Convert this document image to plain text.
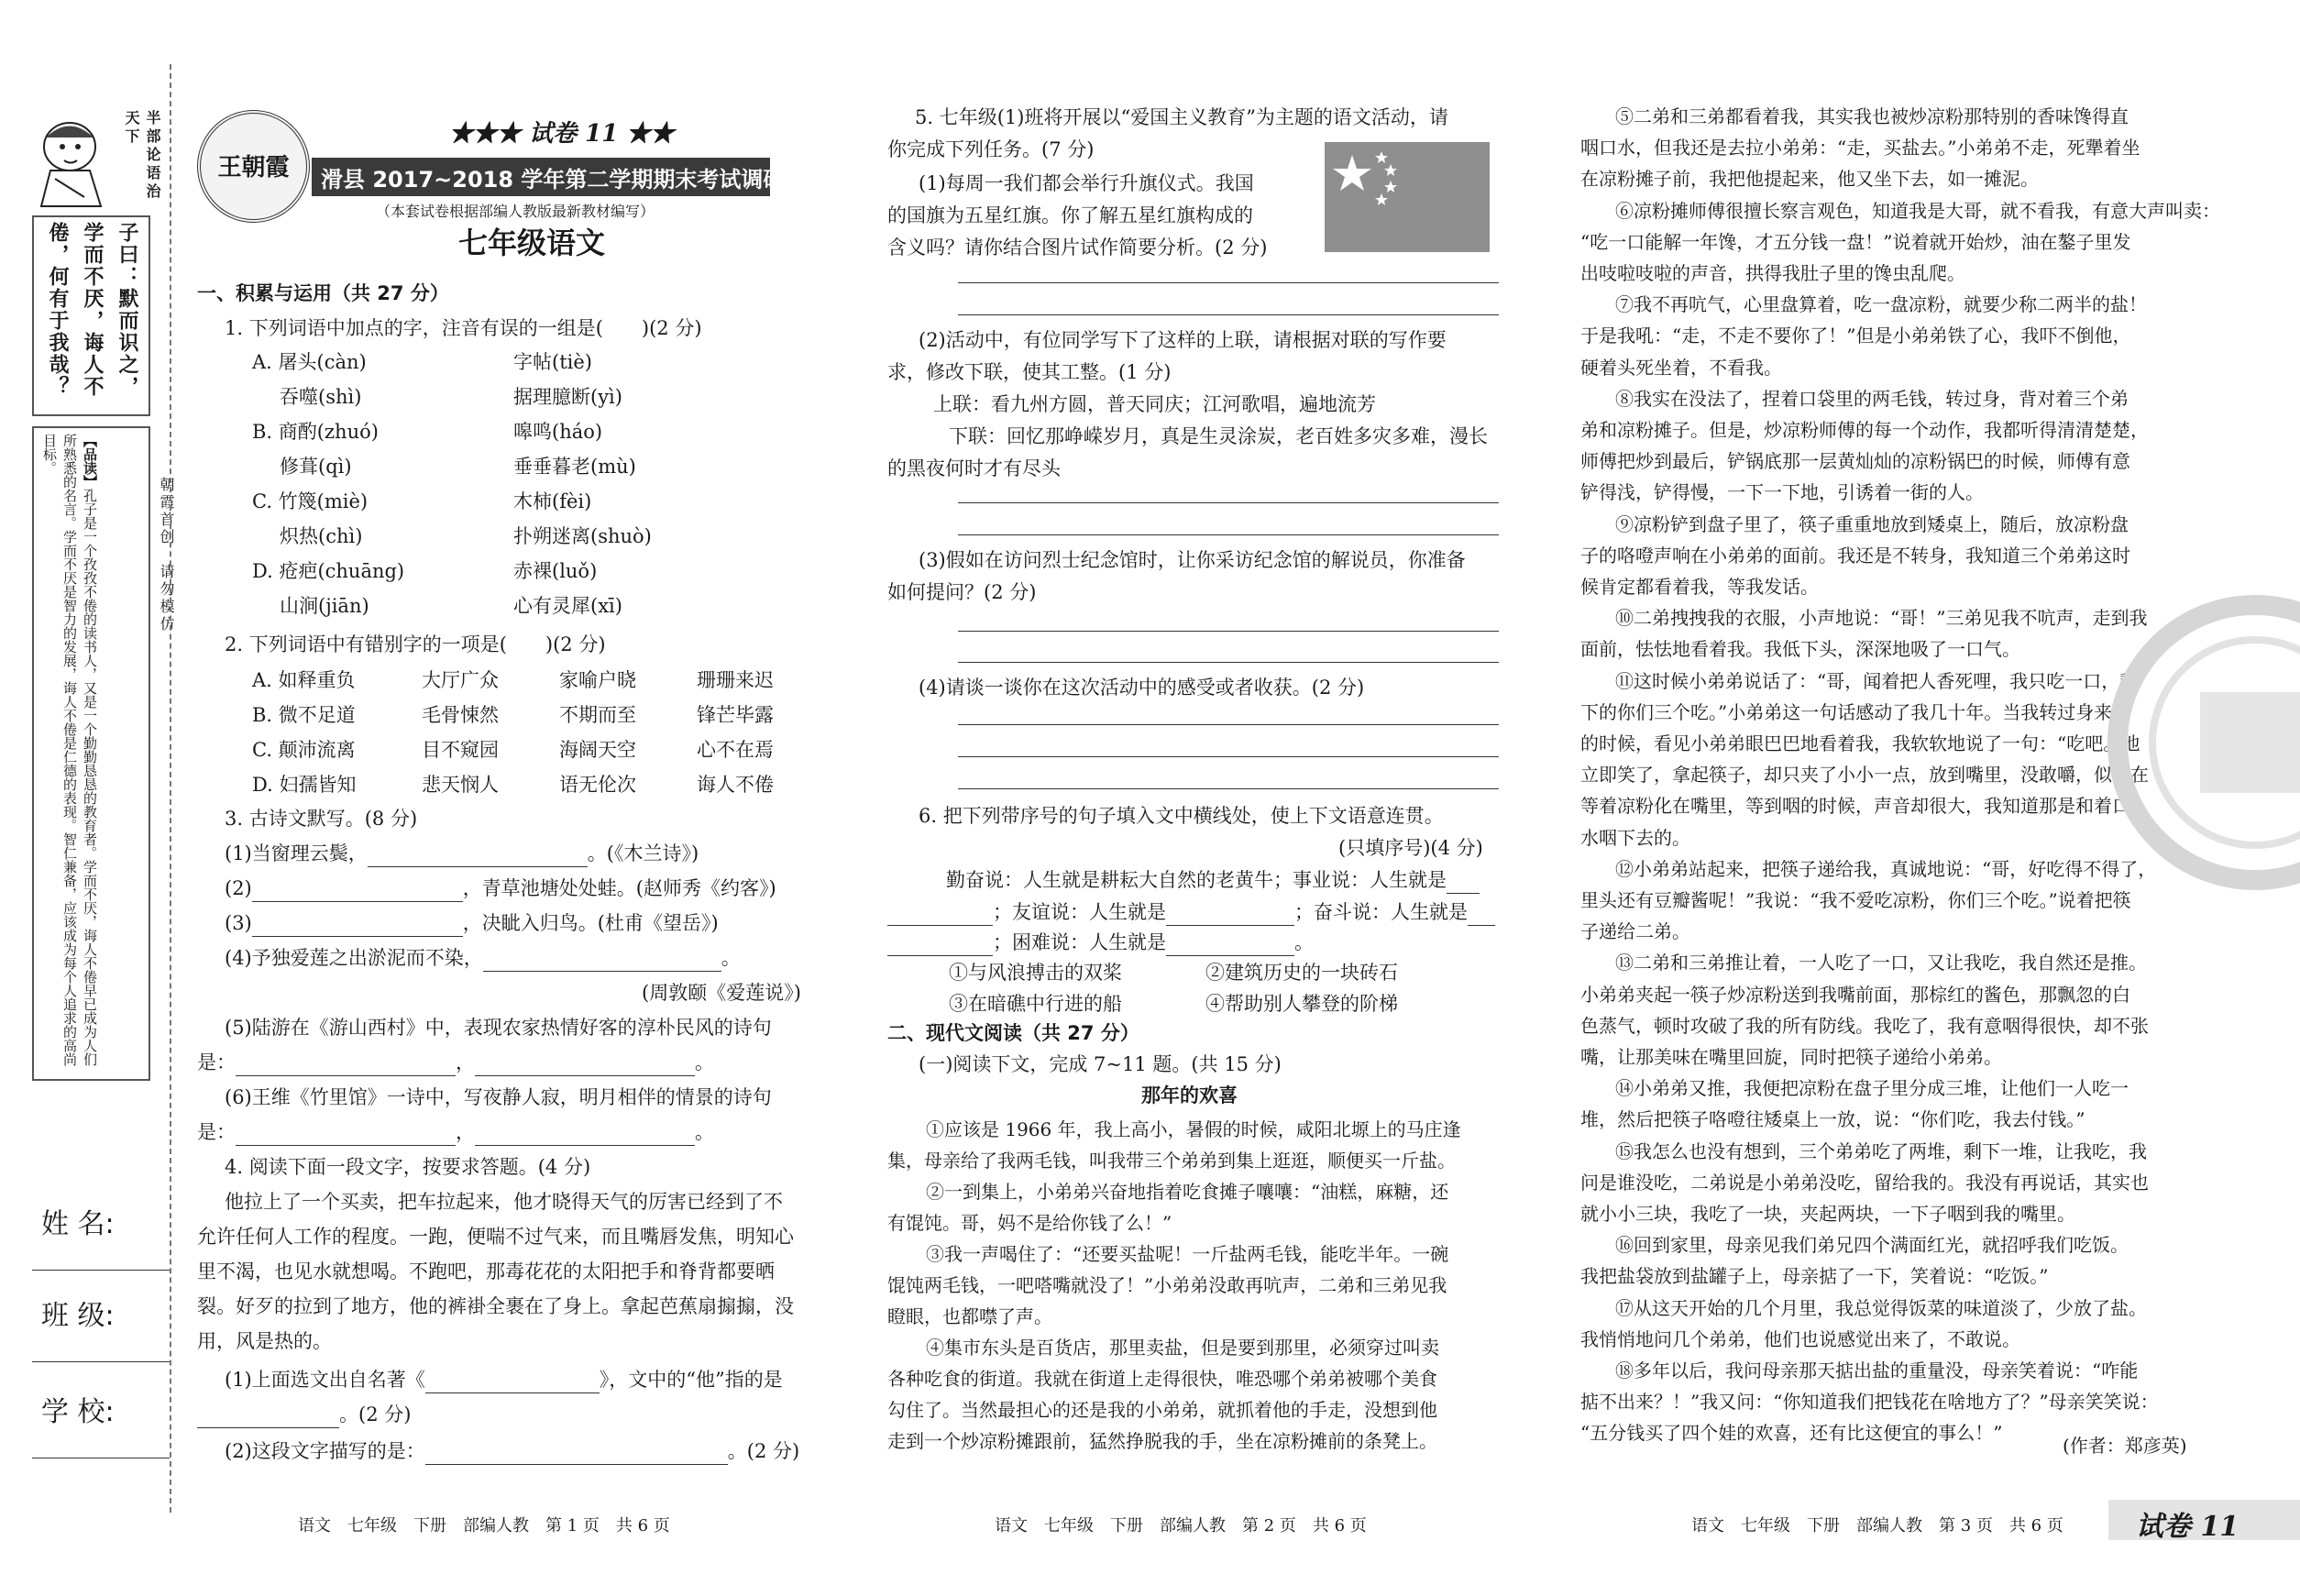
半部论语治天下
子曰：默而识之，学而不厌，诲人不倦，何有于我哉？
【品读】孔子是一个孜孜不倦的读书人，又是一个勤勤恳恳的教育者。学而不厌，诲人不倦早已成为人们所熟悉的名言。学而不厌是智力的发展，诲人不倦是仁德的表现。智仁兼备，应该成为每个人追求的高尚目标。
朝霞首创　请勿模仿
姓 名:
班 级:
学 校:
王朝霞
★★★ 试卷 11 ★★
滑县 2017~2018 学年第二学期期末考试调研试卷
（本套试卷根据部编人教版最新教材编写）
七年级语文
一、积累与运用（共 27 分）
1. 下列词语中加点的字，注音有误的一组是(　　)(2 分)
A. 屠头(càn)	字帖(tiè)
吞噬(shì)	据理臆断(yì)
B. 商酌(zhuó)	嗥鸣(háo)
修葺(qì)	垂垂暮老(mù)
C. 竹篾(miè)	木柿(fèi)
炽热(chì)	扑朔迷离(shuò)
D. 疮疤(chuāng)	赤裸(luǒ)
山涧(jiān)	心有灵犀(xī)
2. 下列词语中有错别字的一项是(　　)(2 分)
A. 如释重负	大厅广众	家喻户晓	珊珊来迟
B. 微不足道	毛骨悚然	不期而至	锋芒毕露
C. 颠沛流离	目不窥园	海阔天空	心不在焉
D. 妇孺皆知	悲天悯人	语无伦次	诲人不倦
3. 古诗文默写。(8 分)
(1)当窗理云鬓，	。(《木兰诗》)
(2)	，青草池塘处处蛙。(赵师秀《约客》)
(3)	，决眦入归鸟。(杜甫《望岳》)
(4)予独爱莲之出淤泥而不染，	。
(周敦颐《爱莲说》)
(5)陆游在《游山西村》中，表现农家热情好客的淳朴民风的诗句
是：	，	。
(6)王维《竹里馆》一诗中，写夜静人寂，明月相伴的情景的诗句
是：	，	。
4. 阅读下面一段文字，按要求答题。(4 分)
他拉上了一个买卖，把车拉起来，他才晓得天气的厉害已经到了不
允许任何人工作的程度。一跑，便喘不过气来，而且嘴唇发焦，明知心
里不渴，也见水就想喝。不跑吧，那毒花花的太阳把手和脊背都要晒
裂。好歹的拉到了地方，他的裤褂全裹在了身上。拿起芭蕉扇搧搧，没
用，风是热的。
(1)上面选文出自名著《	》，文中的“他”指的是
。(2 分)
(2)这段文字描写的是：	。(2 分)
5. 七年级(1)班将开展以“爱国主义教育”为主题的语文活动，请
你完成下列任务。(7 分)
(1)每周一我们都会举行升旗仪式。我国
的国旗为五星红旗。你了解五星红旗构成的
含义吗？请你结合图片试作简要分析。(2 分)
(2)活动中，有位同学写下了这样的上联，请根据对联的写作要
求，修改下联，使其工整。(1 分)
上联：看九州方圆，普天同庆；江河歌唱，遍地流芳
下联：回忆那峥嵘岁月，真是生灵涂炭，老百姓多灾多难，漫长
的黑夜何时才有尽头
(3)假如在访问烈士纪念馆时，让你采访纪念馆的解说员，你准备
如何提问？(2 分)
(4)请谈一谈你在这次活动中的感受或者收获。(2 分)
6. 把下列带序号的句子填入文中横线处，使上下文语意连贯。
(只填序号)(4 分)
勤奋说：人生就是耕耘大自然的老黄牛；事业说：人生就是
；友谊说：人生就是	；奋斗说：人生就是
；困难说：人生就是	。
①与风浪搏击的双桨	②建筑历史的一块砖石
③在暗礁中行进的船	④帮助别人攀登的阶梯
二、现代文阅读（共 27 分）
(一)阅读下文，完成 7~11 题。(共 15 分)
那年的欢喜
①应该是 1966 年，我上高小，暑假的时候，咸阳北塬上的马庄逢
集，母亲给了我两毛钱，叫我带三个弟弟到集上逛逛，顺便买一斤盐。
②一到集上，小弟弟兴奋地指着吃食摊子嚷嚷：“油糕，麻糖，还
有馄饨。哥，妈不是给你钱了么！”
③我一声喝住了：“还要买盐呢！一斤盐两毛钱，能吃半年。一碗
馄饨两毛钱，一吧嗒嘴就没了！”小弟弟没敢再吭声，二弟和三弟见我
瞪眼，也都噤了声。
④集市东头是百货店，那里卖盐，但是要到那里，必须穿过叫卖
各种吃食的街道。我就在街道上走得很快，唯恐哪个弟弟被哪个美食
勾住了。当然最担心的还是我的小弟弟，就抓着他的手走，没想到他
走到一个炒凉粉摊跟前，猛然挣脱我的手，坐在凉粉摊前的条凳上。
⑤二弟和三弟都看着我，其实我也被炒凉粉那特别的香味馋得直
咽口水，但我还是去拉小弟弟：“走，买盐去。”小弟弟不走，死犟着坐
在凉粉摊子前，我把他提起来，他又坐下去，如一摊泥。
⑥凉粉摊师傅很擅长察言观色，知道我是大哥，就不看我，有意大声叫卖：
“吃一口能解一年馋，才五分钱一盘！”说着就开始炒，油在鏊子里发
出吱啦吱啦的声音，拱得我肚子里的馋虫乱爬。
⑦我不再吭气，心里盘算着，吃一盘凉粉，就要少称二两半的盐！
于是我吼：“走，不走不要你了！”但是小弟弟铁了心，我吓不倒他，
硬着头死坐着，不看我。
⑧我实在没法了，捏着口袋里的两毛钱，转过身，背对着三个弟
弟和凉粉摊子。但是，炒凉粉师傅的每一个动作，我都听得清清楚楚，
师傅把炒到最后，铲锅底那一层黄灿灿的凉粉锅巴的时候，师傅有意
铲得浅，铲得慢，一下一下地，引诱着一街的人。
⑨凉粉铲到盘子里了，筷子重重地放到矮桌上，随后，放凉粉盘
子的咯噔声响在小弟弟的面前。我还是不转身，我知道三个弟弟这时
候肯定都看着我，等我发话。
⑩二弟拽拽我的衣服，小声地说：“哥！”三弟见我不吭声，走到我
面前，怯怯地看着我。我低下头，深深地吸了一口气。
⑪这时候小弟弟说话了：“哥，闻着把人香死哩，我只吃一口，剩
下的你们三个吃。”小弟弟这一句话感动了我几十年。当我转过身来
的时候，看见小弟弟眼巴巴地看着我，我软软地说了一句：“吃吧。”他
立即笑了，拿起筷子，却只夹了小小一点，放到嘴里，没敢嚼，似乎在
等着凉粉化在嘴里，等到咽的时候，声音却很大，我知道那是和着口
水咽下去的。
⑫小弟弟站起来，把筷子递给我，真诚地说：“哥，好吃得不得了，
里头还有豆瓣酱呢！”我说：“我不爱吃凉粉，你们三个吃。”说着把筷
子递给二弟。
⑬二弟和三弟推让着，一人吃了一口，又让我吃，我自然还是推。
小弟弟夹起一筷子炒凉粉送到我嘴前面，那棕红的酱色，那飘忽的白
色蒸气，顿时攻破了我的所有防线。我吃了，我有意咽得很快，却不张
嘴，让那美味在嘴里回旋，同时把筷子递给小弟弟。
⑭小弟弟又推，我便把凉粉在盘子里分成三堆，让他们一人吃一
堆，然后把筷子咯噔往矮桌上一放，说：“你们吃，我去付钱。”
⑮我怎么也没有想到，三个弟弟吃了两堆，剩下一堆，让我吃，我
问是谁没吃，二弟说是小弟弟没吃，留给我的。我没有再说话，其实也
就小小三块，我吃了一块，夹起两块，一下子咽到我的嘴里。
⑯回到家里，母亲见我们弟兄四个满面红光，就招呼我们吃饭。
我把盐袋放到盐罐子上，母亲掂了一下，笑着说：“吃饭。”
⑰从这天开始的几个月里，我总觉得饭菜的味道淡了，少放了盐。
我悄悄地问几个弟弟，他们也说感觉出来了，不敢说。
⑱多年以后，我问母亲那天掂出盐的重量没，母亲笑着说：“咋能
掂不出来？！”我又问：“你知道我们把钱花在啥地方了？”母亲笑笑说：
“五分钱买了四个娃的欢喜，还有比这便宜的事么！”
(作者：郑彦英)
语文　七年级　下册　部编人教　第 1 页　共 6 页	语文　七年级　下册　部编人教　第 2 页　共 6 页	语文　七年级　下册　部编人教　第 3 页　共 6 页	试卷 11
